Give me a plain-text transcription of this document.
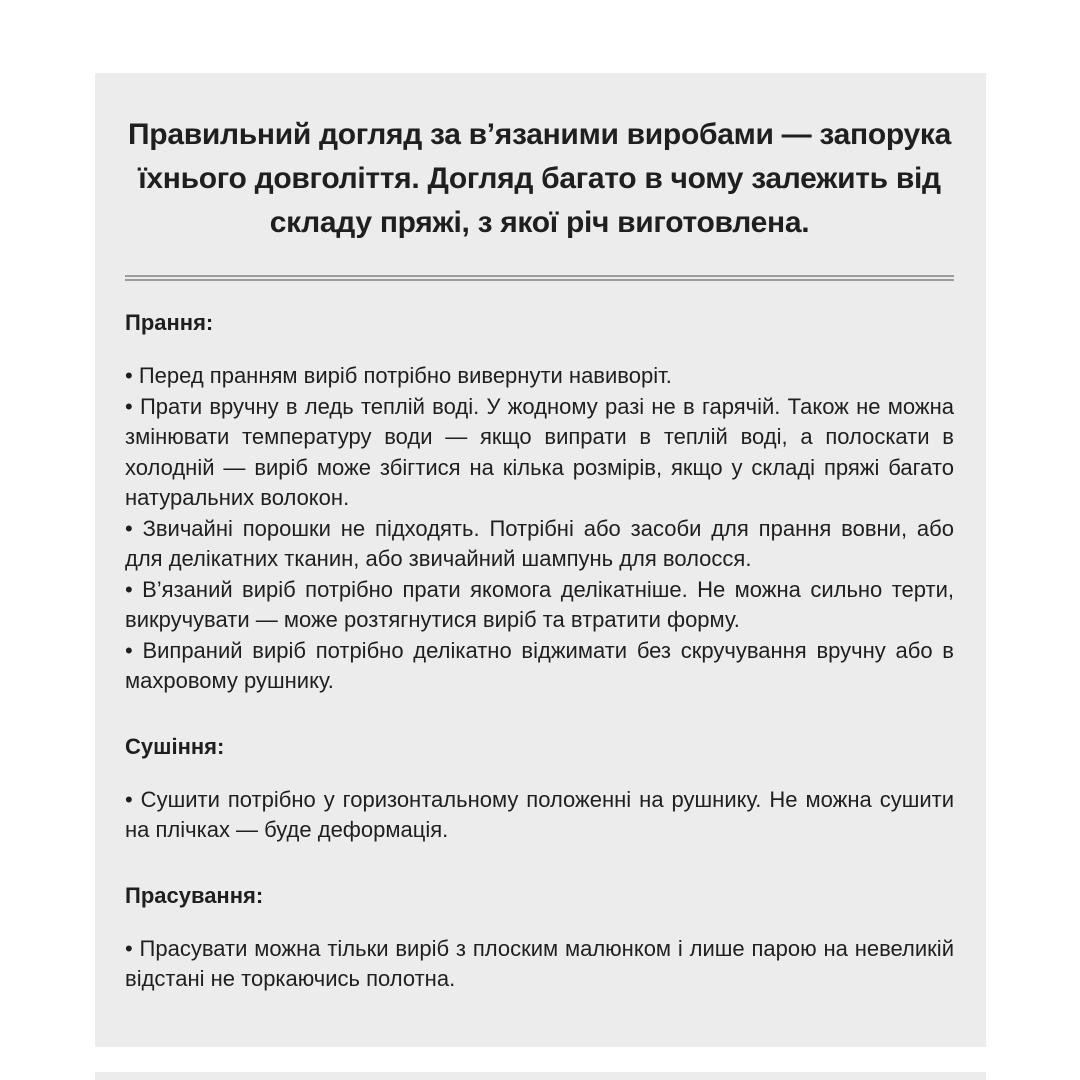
Правильний догляд за в’язаними виробами — запорука їхнього довголіття. Догляд багато в чому залежить від складу пряжі, з якої річ виготовлена.
Прання:
• Перед пранням виріб потрібно вивернути навиворіт.
• Прати вручну в ледь теплій воді. У жодному разі не в гарячій. Також не можна змінювати температуру води — якщо випрати в теплій воді, а полоскати в холодній — виріб може збігтися на кілька розмірів, якщо у складі пряжі багато натуральних волокон.
• Звичайні порошки не підходять. Потрібні або засоби для прання вовни, або для делікатних тканин, або звичайний шампунь для волосся.
• В’язаний виріб потрібно прати якомога делікатніше. Не можна сильно терти, викручувати — може розтягнутися виріб та втратити форму.
• Випраний виріб потрібно делікатно віджимати без скручування вручну або в махровому рушнику.
Сушіння:
• Сушити потрібно у горизонтальному положенні на рушнику. Не можна сушити на плічках — буде деформація.
Прасування:
• Прасувати можна тільки виріб з плоским малюнком і лише парою на невеликій відстані не торкаючись полотна.
